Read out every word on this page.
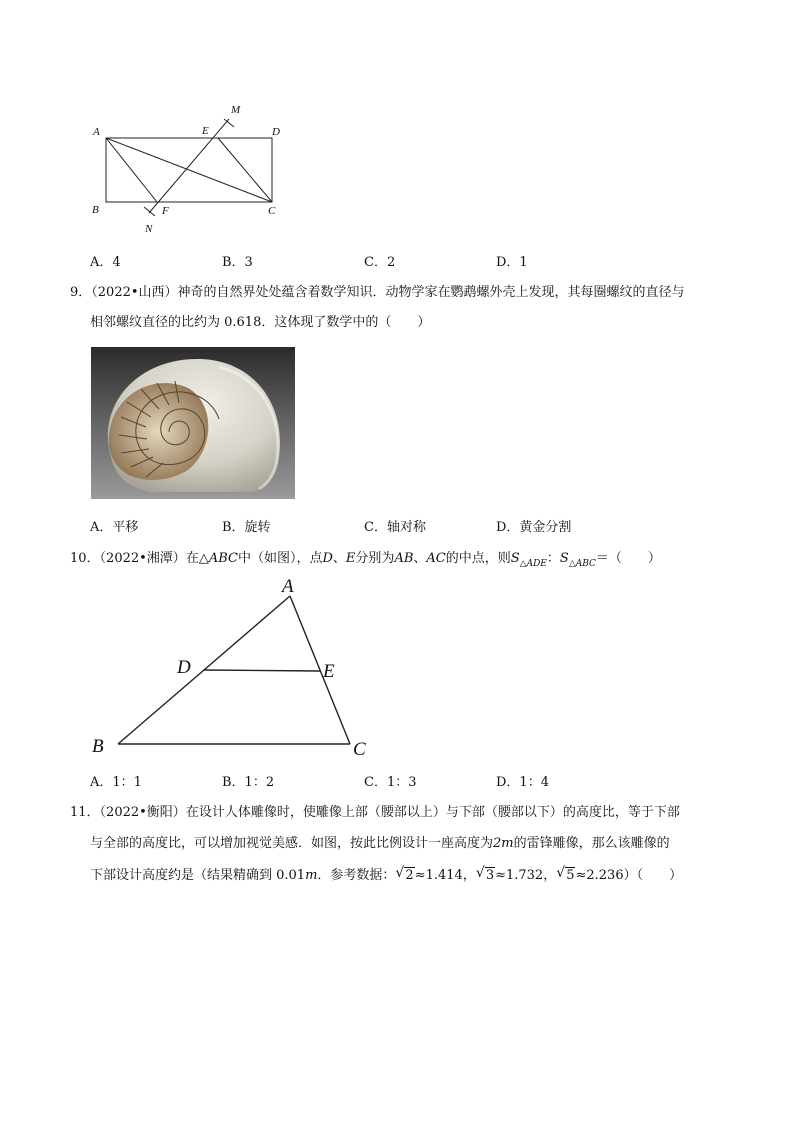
A
B	C
D
E
F
M
N
A．4	B．3	C．2	D．1
9．（2022•山西）神奇的自然界处处蕴含着数学知识．动物学家在鹦鹉螺外壳上发现，其每圈螺纹的直径与
相邻螺纹直径的比约为 0.618．这体现了数学中的（　　）
A．平移	B．旋转	C．轴对称	D．黄金分割
10．（2022•湘潭）在△ABC中（如图），点D、E分别为AB、AC的中点，则$S_{\triangle ADE}$：$S_{\triangle ABC}=$（　　）
A
B	C
D	E
A．1：1	B．1：2	C．1：3	D．1：4
11．（2022•衡阳）在设计人体雕像时，使雕像上部（腰部以上）与下部（腰部以下）的高度比，等于下部
与全部的高度比，可以增加视觉美感．如图，按此比例设计一座高度为2m的雷锋雕像，那么该雕像的
下部设计高度约是（结果精确到 0.01m．参考数据： √ 2≈1.414， √ 3≈1.732， √ 5≈2.236）（　　）
